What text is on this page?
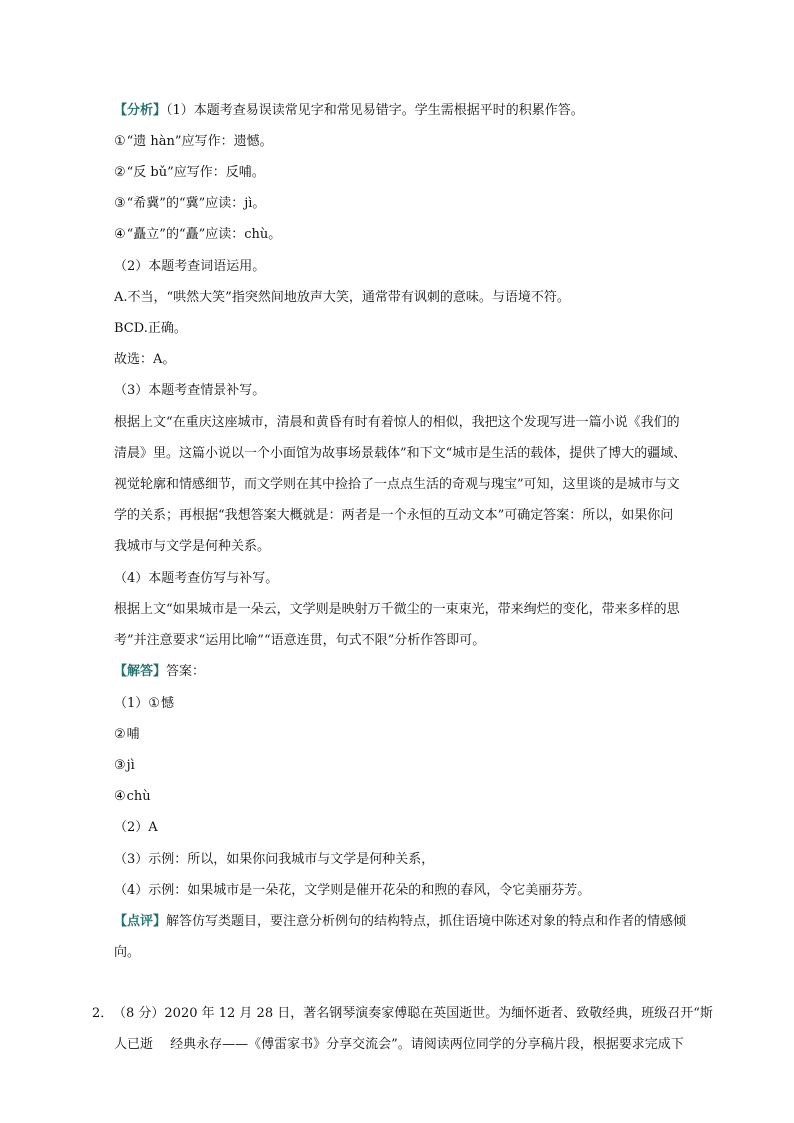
【分析】（1）本题考查易误读常见字和常见易错字。学生需根据平时的积累作答。
①“遗 hàn”应写作：遗憾。
②“反 bǔ”应写作：反哺。
③“希冀”的“冀”应读：jì。
④“矗立”的“矗”应读：chù。
（2）本题考查词语运用。
A.不当，“哄然大笑”指突然间地放声大笑，通常带有讽刺的意味。与语境不符。
BCD.正确。
故选：A。
（3）本题考查情景补写。
根据上文“在重庆这座城市，清晨和黄昏有时有着惊人的相似，我把这个发现写进一篇小说《我们的
清晨》里。这篇小说以一个小面馆为故事场景载体”和下文“城市是生活的载体，提供了博大的疆域、
视觉轮廓和情感细节，而文学则在其中捡拾了一点点生活的奇观与瑰宝”可知，这里谈的是城市与文
学的关系；再根据“我想答案大概就是：两者是一个永恒的互动文本”可确定答案：所以，如果你问
我城市与文学是何种关系。
（4）本题考查仿写与补写。
根据上文“如果城市是一朵云，文学则是映射万千微尘的一束束光，带来绚烂的变化，带来多样的思
考”并注意要求“运用比喻”“语意连贯，句式不限”分析作答即可。
【解答】答案：
（1）①憾
②哺
③jì
④chù
（2）A
（3）示例：所以，如果你问我城市与文学是何种关系，
（4）示例：如果城市是一朵花，文学则是催开花朵的和煦的春风，令它美丽芬芳。
【点评】解答仿写类题目，要注意分析例句的结构特点，抓住语境中陈述对象的特点和作者的情感倾
向。
2． （8 分）2020 年 12 月 28 日，著名钢琴演奏家傅聪在英国逝世。为缅怀逝者、致敬经典，班级召开“斯
人已逝　 经典永存——《傅雷家书》分享交流会”。请阅读两位同学的分享稿片段，根据要求完成下
